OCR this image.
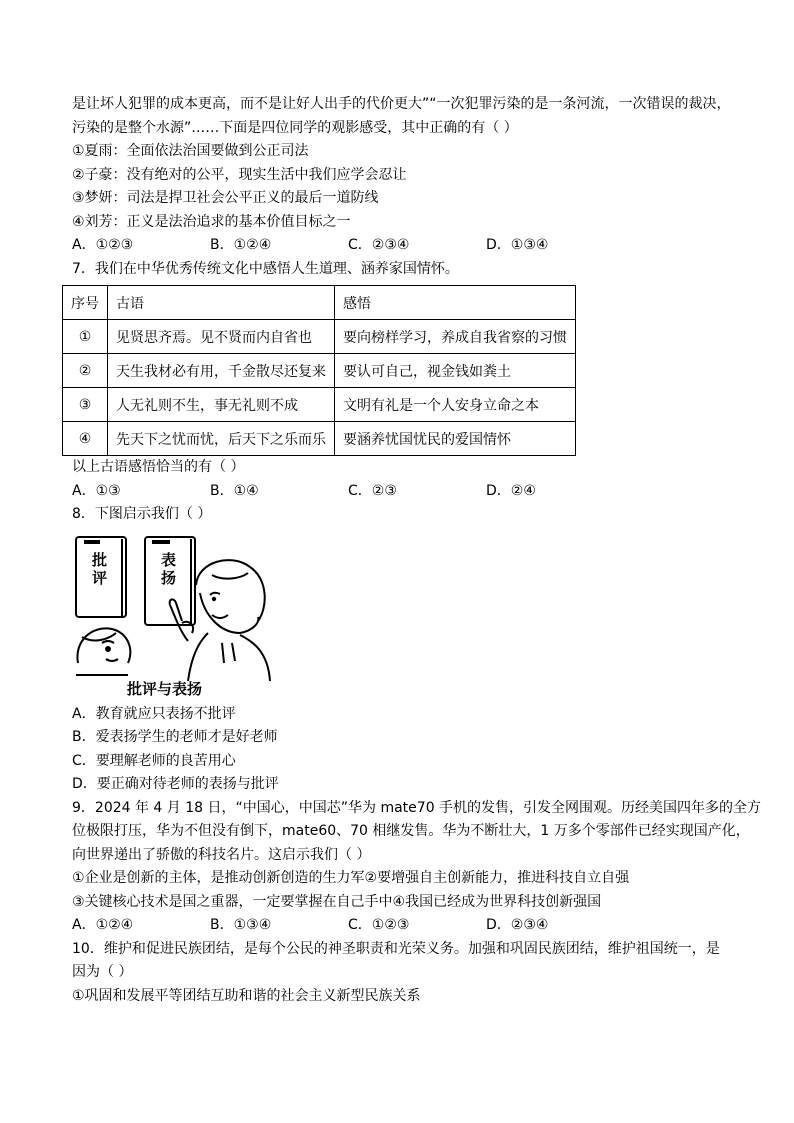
是让坏人犯罪的成本更高，而不是让好人出手的代价更大”“一次犯罪污染的是一条河流，一次错误的裁决，
污染的是整个水源”……下面是四位同学的观影感受，其中正确的有（ ）
①夏雨：全面依法治国要做到公正司法
②子豪：没有绝对的公平，现实生活中我们应学会忍让
③梦妍：司法是捍卫社会公平正义的最后一道防线
④刘芳：正义是法治追求的基本价值目标之一
A．①②③	B．①②④	C．②③④	D．①③④
7．我们在中华优秀传统文化中感悟人生道理、涵养家国情怀。
序号	古语	感悟
①	见贤思齐焉。见不贤而内自省也	要向榜样学习，养成自我省察的习惯
②	天生我材必有用，千金散尽还复来	要认可自己，视金钱如粪土
③	人无礼则不生，事无礼则不成	文明有礼是一个人安身立命之本
④	先天下之忧而忧，后天下之乐而乐	要涵养忧国忧民的爱国情怀
以上古语感悟恰当的有（ ）
A．①③	B．①④	C．②③	D．②④
8．下图启示我们（ ）
批
评
表
扬
批评与表扬
A．教育就应只表扬不批评
B．爱表扬学生的老师才是好老师
C．要理解老师的良苦用心
D．要正确对待老师的表扬与批评
9．2024 年 4 月 18 日，“中国心，中国芯”华为 mate70 手机的发售，引发全网围观。历经美国四年多的全方
位极限打压，华为不但没有倒下，mate60、70 相继发售。华为不断壮大，1 万多个零部件已经实现国产化，
向世界递出了骄傲的科技名片。这启示我们（ ）
①企业是创新的主体，是推动创新创造的生力军②要增强自主创新能力，推进科技自立自强
③关键核心技术是国之重器，一定要掌握在自己手中④我国已经成为世界科技创新强国
A．①②④	B．①③④	C．①②③	D．②③④
10．维护和促进民族团结，是每个公民的神圣职责和光荣义务。加强和巩固民族团结，维护祖国统一，是
因为（ ）
①巩固和发展平等团结互助和谐的社会主义新型民族关系
